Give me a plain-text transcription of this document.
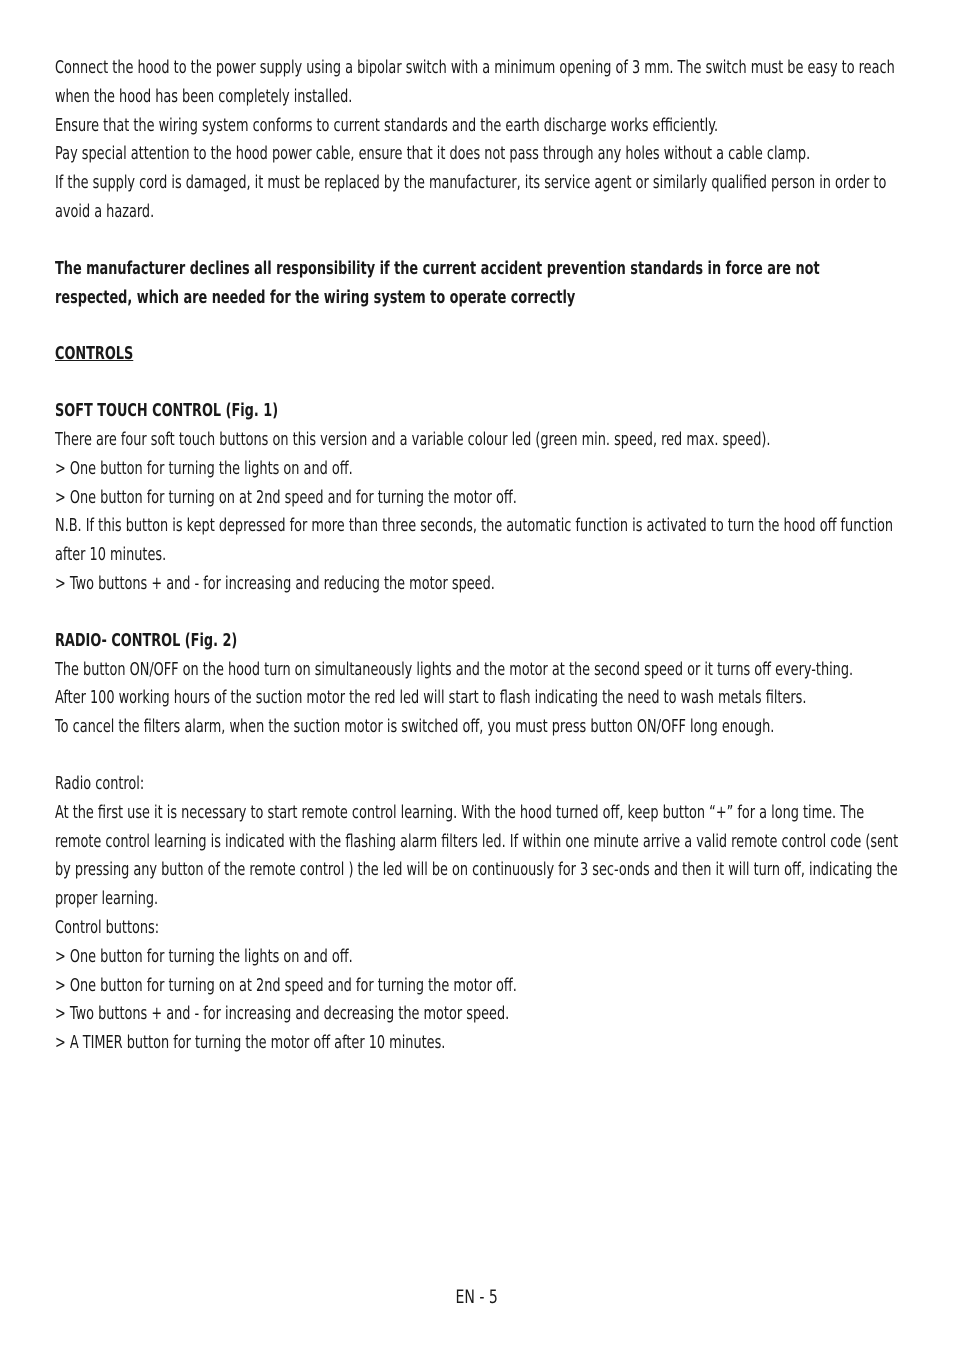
Connect the hood to the power supply using a bipolar switch with a minimum opening of 3 mm. The switch must be easy to reach when the hood has been completely installed.

Ensure that the wiring system conforms to current standards and the earth discharge works efficiently.

Pay special attention to the hood power cable, ensure that it does not pass through any holes without a cable clamp.

If the supply cord is damaged, it must be replaced by the manufacturer, its service agent or similarly qualified person in order to avoid a hazard.

The manufacturer declines all responsibility if the current accident prevention standards in force are not respected, which are needed for the wiring system to operate correctly

CONTROLS

SOFT TOUCH CONTROL (Fig. 1)

There are four soft touch buttons on this version and a variable colour led (green min. speed, red max. speed).

> One button for turning the lights on and off.

> One button for turning on at 2nd speed and for turning the motor off.

N.B. If this button is kept depressed for more than three seconds, the automatic function is activated to turn the hood off function after 10 minutes.

> Two buttons + and - for increasing and reducing the motor speed.

RADIO- CONTROL (Fig. 2)

The button ON/OFF on the hood turn on simultaneously lights and the motor at the second speed or it turns off every-thing.

After 100 working hours of the suction motor the red led will start to flash indicating the need to wash metals filters.

To cancel the filters alarm, when the suction motor is switched off, you must press button ON/OFF long enough.

Radio control:

At the first use it is necessary to start remote control learning. With the hood turned off, keep button “+” for a long time. The remote control learning is indicated with the flashing alarm filters led. If within one minute arrive a valid remote control code (sent by pressing any button of the remote control ) the led will be on continuously for 3 sec-onds and then it will turn off, indicating the proper learning.

Control buttons:

> One button for turning the lights on and off.

> One button for turning on at 2nd speed and for turning the motor off.

> Two buttons + and - for increasing and decreasing the motor speed.

> A TIMER button for turning the motor off after 10 minutes.

EN - 5
